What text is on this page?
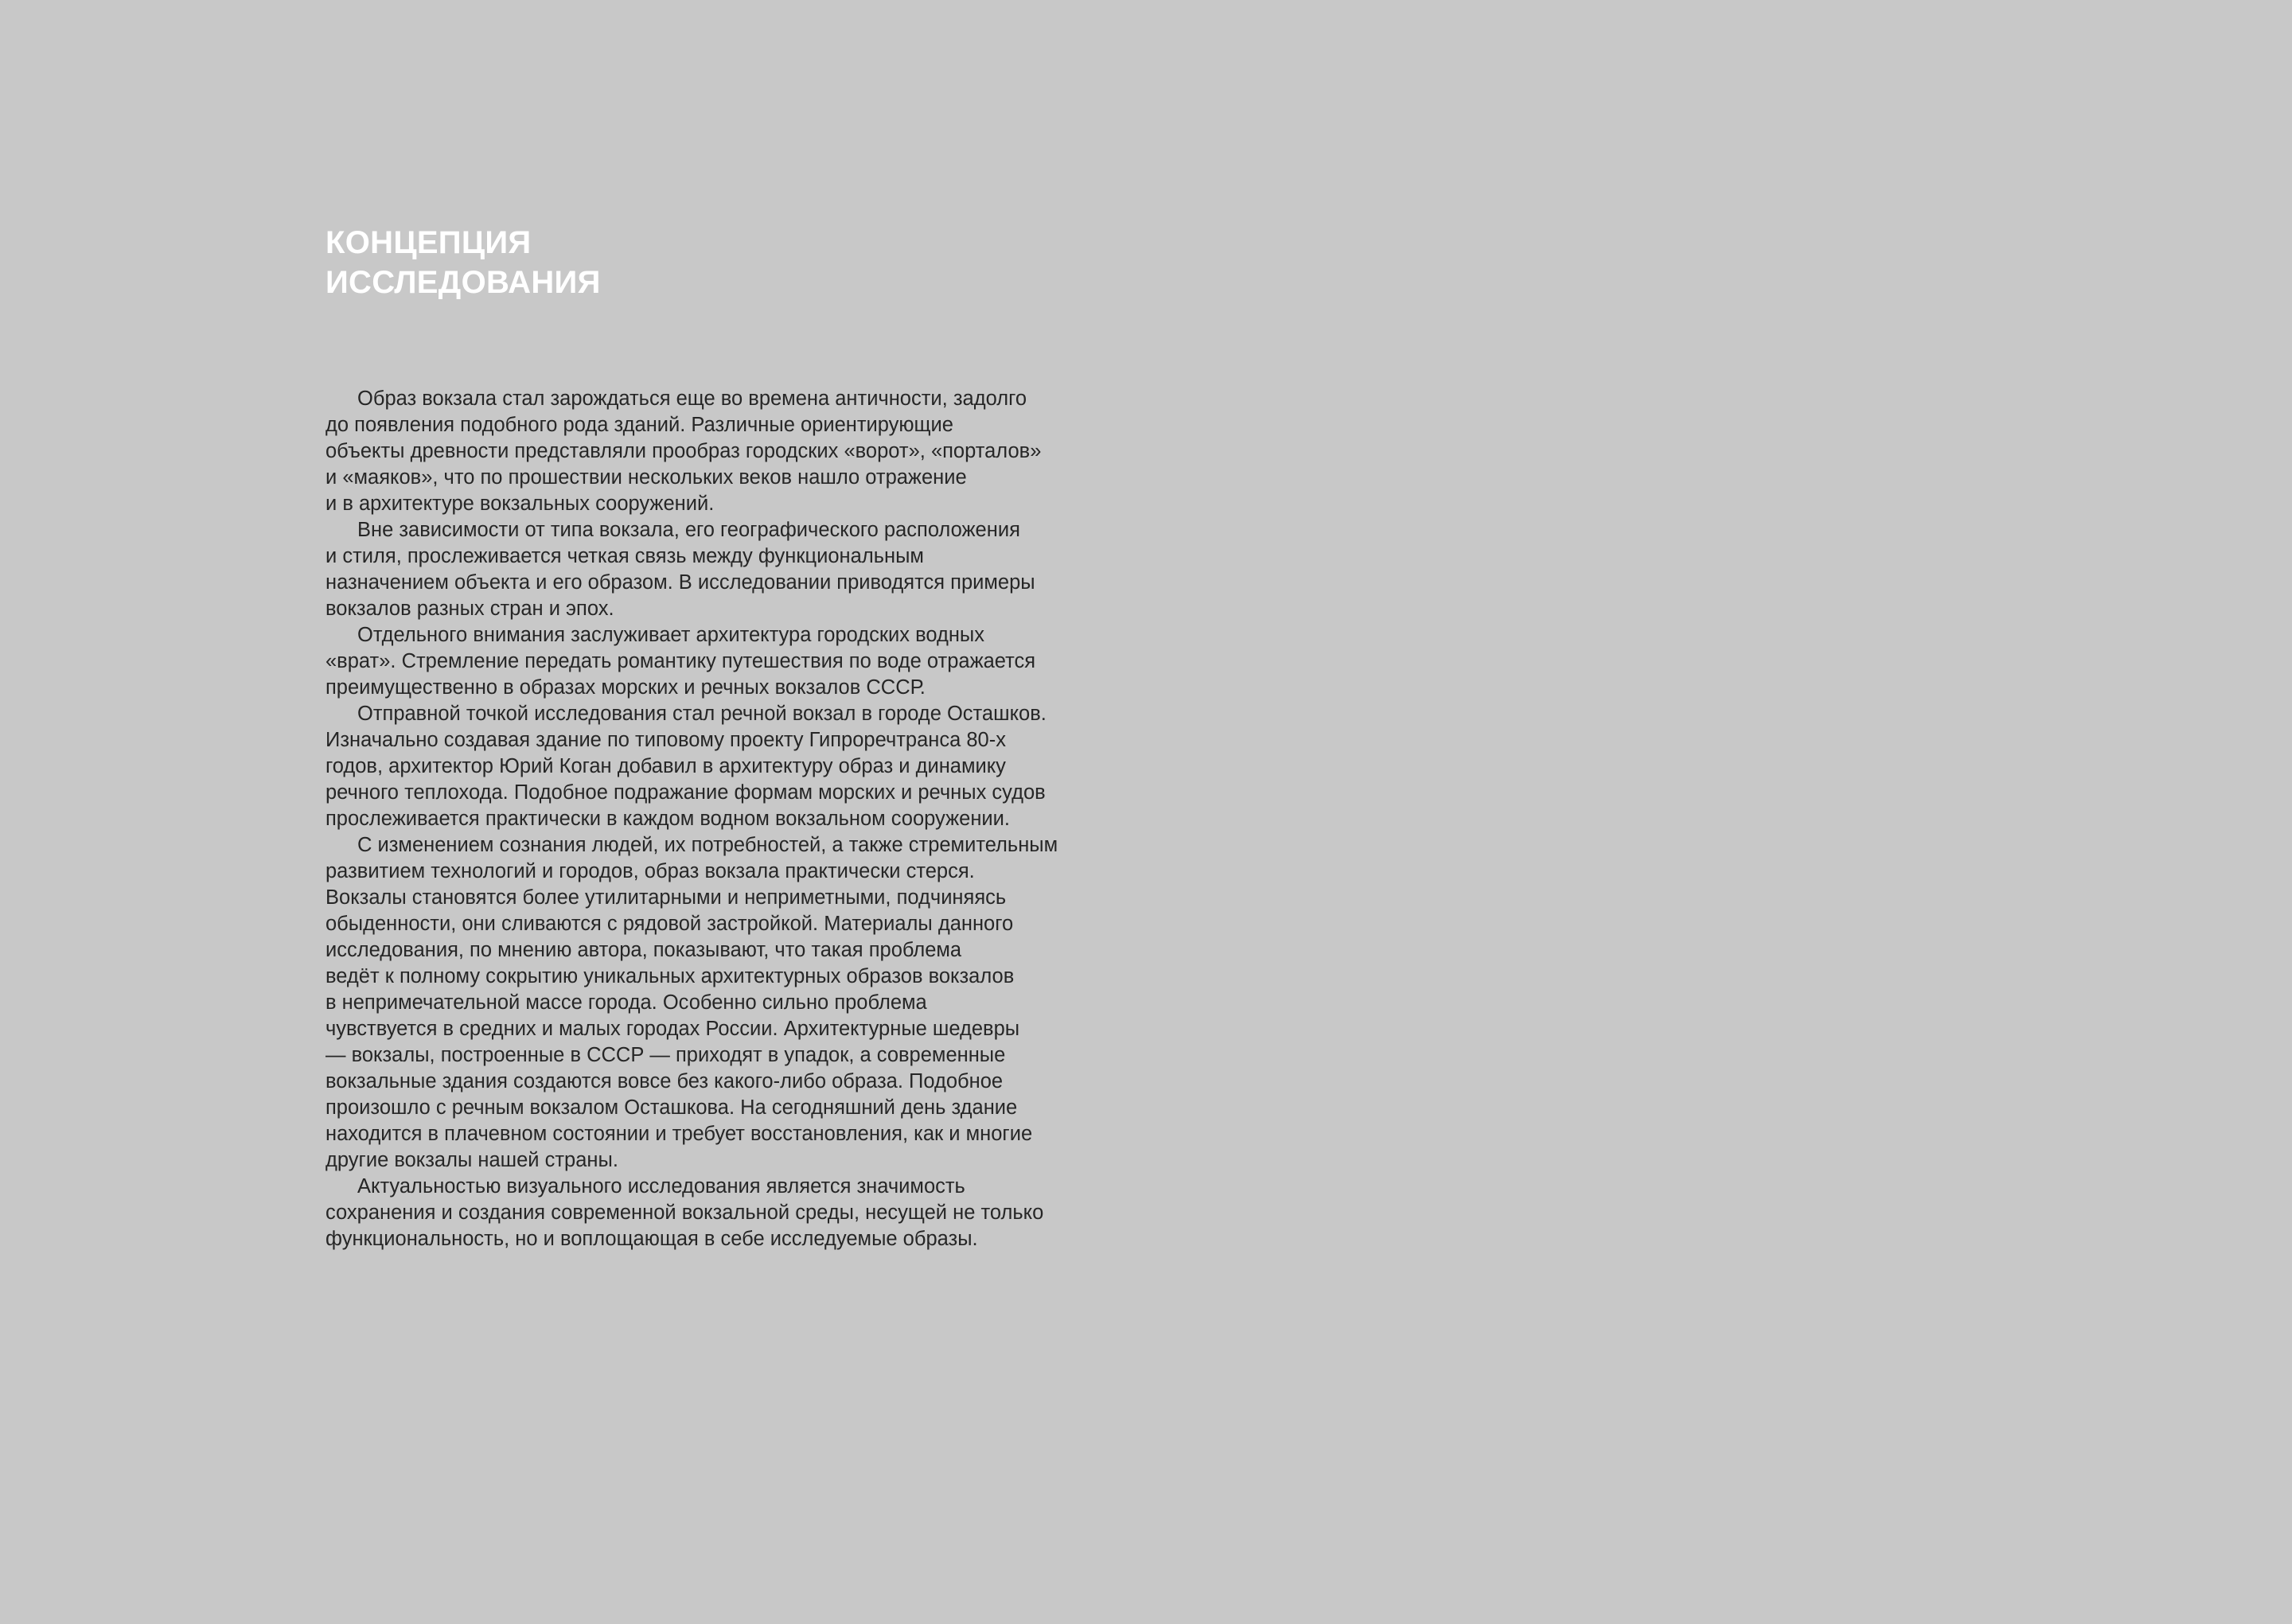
КОНЦЕПЦИЯ
ИССЛЕДОВАНИЯ
Образ вокзала стал зарождаться еще во времена античности, задолго
до появления подобного рода зданий. Различные ориентирующие
объекты древности представляли прообраз городских «ворот», «порталов»
и «маяков», что по прошествии нескольких веков нашло отражение
и в архитектуре вокзальных сооружений.
Вне зависимости от типа вокзала, его географического расположения
и стиля, прослеживается четкая связь между функциональным
назначением объекта и его образом. В исследовании приводятся примеры
вокзалов разных стран и эпох.
Отдельного внимания заслуживает архитектура городских водных
«врат». Стремление передать романтику путешествия по воде отражается
преимущественно в образах морских и речных вокзалов СССР.
Отправной точкой исследования стал речной вокзал в городе Осташков.
Изначально создавая здание по типовому проекту Гипроречтранса 80-х
годов, архитектор Юрий Коган добавил в архитектуру образ и динамику
речного теплохода. Подобное подражание формам морских и речных судов
прослеживается практически в каждом водном вокзальном сооружении.
С изменением сознания людей, их потребностей, а также стремительным
развитием технологий и городов, образ вокзала практически стерся.
Вокзалы становятся более утилитарными и неприметными, подчиняясь
обыденности, они сливаются с рядовой застройкой. Материалы данного
исследования, по мнению автора, показывают, что такая проблема
ведёт к полному сокрытию уникальных архитектурных образов вокзалов
в непримечательной массе города. Особенно сильно проблема
чувствуется в средних и малых городах России. Архитектурные шедевры
— вокзалы, построенные в СССР — приходят в упадок, а современные
вокзальные здания создаются вовсе без какого-либо образа. Подобное
произошло с речным вокзалом Осташкова. На сегодняшний день здание
находится в плачевном состоянии и требует восстановления, как и многие
другие вокзалы нашей страны.
Актуальностью визуального исследования является значимость
сохранения и создания современной вокзальной среды, несущей не только
функциональность, но и воплощающая в себе исследуемые образы.
